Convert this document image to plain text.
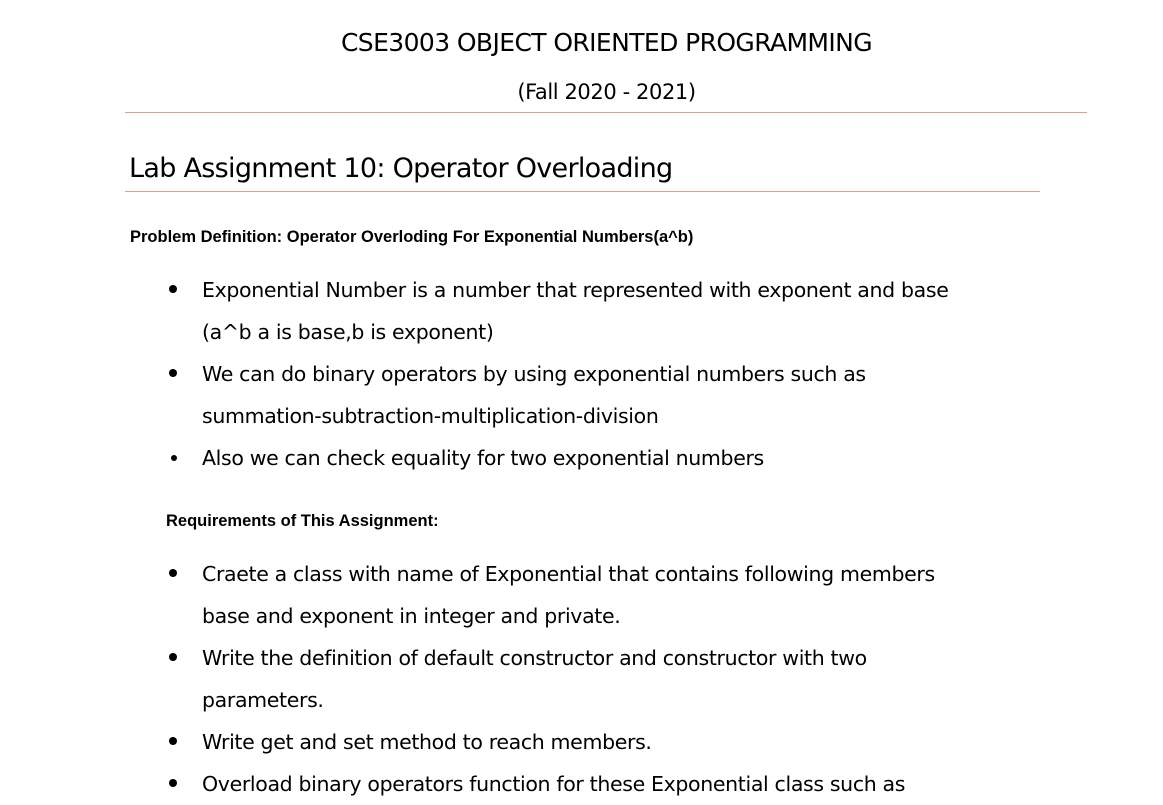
CSE3003 OBJECT ORIENTED PROGRAMMING
(Fall 2020 - 2021)
Lab Assignment 10: Operator Overloading
Problem Definition: Operator Overloding For Exponential Numbers(a^b)
Exponential Number is a number that represented with exponent and base
(a^b a is base,b is exponent)
We can do binary operators by using exponential numbers such as
summation-subtraction-multiplication-division
Also we can check equality for two exponential numbers
Requirements of This Assignment:
Craete a class with name of Exponential that contains following members
base and exponent in integer and private.
Write the definition of default constructor and constructor with two
parameters.
Write get and set method to reach members.
Overload binary operators function for these Exponential class such as
